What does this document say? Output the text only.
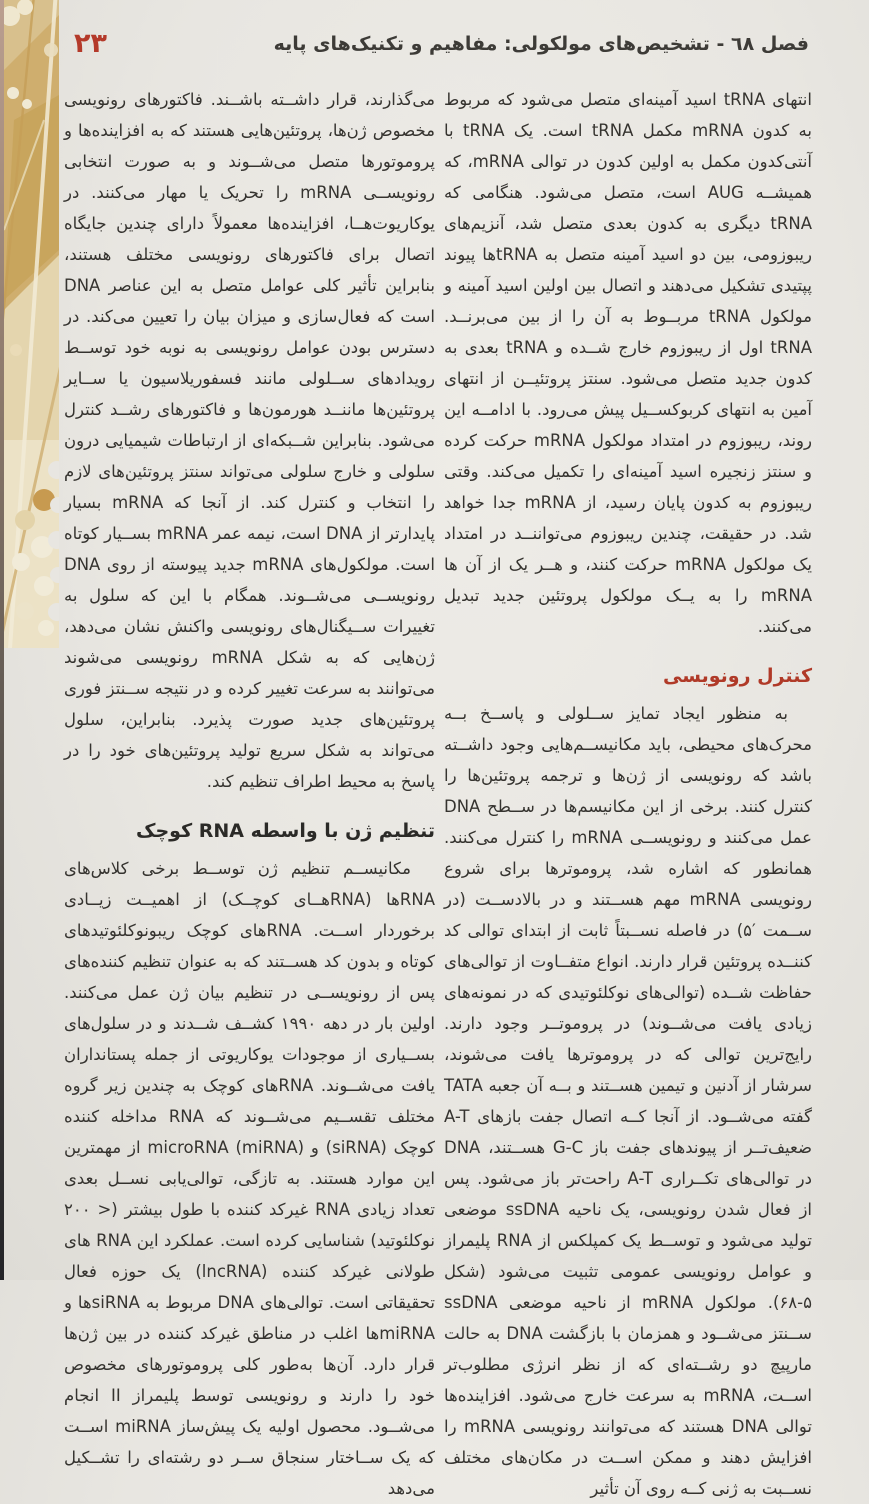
۲۳	فصل ٦٨ - تشخیص‌های مولکولی: مفاهیم و تکنیک‌های پایه

انتهای tRNA اسید آمینه‌ای متصل می‌شود که مربوط به کدون mRNA مکمل tRNA است. یک tRNA با آنتی‌کدون مکمل به اولین کدون در توالی mRNA، که همیشــه AUG است، متصل می‌شود. هنگامی که tRNA دیگری به کدون بعدی متصل شد، آنزیم‌های ریبوزومی، بین دو اسید آمینه متصل به tRNAها پیوند پپتیدی تشکیل می‌دهند و اتصال بین اولین اسید آمینه و مولکول tRNA مربــوط به آن را از بین می‌برنــد. tRNA اول از ریبوزوم خارج شــده و tRNA بعدی به کدون جدید متصل می‌شود. سنتز پروتئیــن از انتهای آمین به انتهای کربوکســیل پیش می‌رود. با ادامــه این روند، ریبوزوم در امتداد مولکول mRNA حرکت کرده و سنتز زنجیره اسید آمینه‌ای را تکمیل می‌کند. وقتی ریبوزوم به کدون پایان رسید، از mRNA جدا خواهد شد. در حقیقت، چندین ریبوزوم می‌تواننــد در امتداد یک مولکول mRNA حرکت کنند، و هــر یک از آن ها mRNA را به یــک مولکول پروتئین جدید تبدیل می‌کنند.

کنترل رونویسی

به منظور ایجاد تمایز ســلولی و پاســخ بــه محرک‌های محیطی، باید مکانیســم‌هایی وجود داشــته باشد که رونویسی از ژن‌ها و ترجمه پروتئین‌ها را کنترل کنند. برخی از این مکانیسم‌ها در ســطح DNA عمل می‌کنند و رونویســی mRNA را کنترل می‌کنند. همانطور که اشاره شد، پروموترها برای شروع رونویسی mRNA مهم هســتند و در بالادســت (در ســمت ′۵) در فاصله نســبتاً ثابت از ابتدای توالی کد کننــده پروتئین قرار دارند. انواع متفــاوت از توالی‌های حفاظت شــده (توالی‌های نوکلئوتیدی که در نمونه‌های زیادی یافت می‌شــوند) در پروموتــر وجود دارند. رایج‌ترین توالی که در پروموترها یافت می‌شوند، سرشار از آدنین و تیمین هســتند و بــه آن جعبه TATA گفته می‌شــود. از آنجا کــه اتصال جفت بازهای A-T ضعیف‌تــر از پیوندهای جفت باز G-C هســتند، DNA در توالی‌های تکــراری A-T راحت‌تر باز می‌شود. پس از فعال شدن رونویسی، یک ناحیه ssDNA موضعی تولید می‌شود و توســط یک کمپلکس از RNA پلیمراز و عوامل رونویسی عمومی تثبیت می‌شود (شکل ۵-۶۸). مولکول mRNA از ناحیه موضعی ssDNA ســنتز می‌شــود و همزمان با بازگشت DNA به حالت مارپیچ دو رشــته‌ای که از نظر انرژی مطلوب‌تر اســت، mRNA به سرعت خارج می‌شود. افزاینده‌ها توالی DNA هستند که می‌توانند رونویسی mRNA را افزایش دهند و ممکن اســت در مکان‌های مختلف نســبت به ژنی کــه روی آن تأثیر

می‌گذارند، قرار داشــته باشــند. فاکتورهای رونویسی مخصوص ژن‌ها، پروتئین‌هایی هستند که به افزاینده‌ها و پروموتورها متصل می‌شــوند و به صورت انتخابی رونویســی mRNA را تحریک یا مهار می‌کنند. در یوکاریوت‌هــا، افزاینده‌ها معمولاً دارای چندین جایگاه اتصال برای فاکتورهای رونویسی مختلف هستند، بنابراین تأثیر کلی عوامل متصل به این عناصر DNA است که فعال‌سازی و میزان بیان را تعیین می‌کند. در دسترس بودن عوامل رونویسی به نوبه خود توســط رویدادهای ســلولی مانند فسفوریلاسیون یا ســایر پروتئین‌ها ماننــد هورمون‌ها و فاکتورهای رشــد کنترل می‌شود. بنابراین شــبکه‌ای از ارتباطات شیمیایی درون سلولی و خارج سلولی می‌تواند سنتز پروتئین‌های لازم را انتخاب و کنترل کند. از آنجا که mRNA بسیار پایدارتر از DNA است، نیمه عمر mRNA بســیار کوتاه است. مولکول‌های mRNA جدید پیوسته از روی DNA رونویســی می‌شــوند. همگام با این که سلول به تغییرات ســیگنال‌های رونویسی واکنش نشان می‌دهد، ژن‌هایی که به شکل mRNA رونویسی می‌شوند می‌توانند به سرعت تغییر کرده و در نتیجه ســنتز فوری پروتئین‌های جدید صورت پذیرد. بنابراین، سلول می‌تواند به شکل سریع تولید پروتئین‌های خود را در پاسخ به محیط اطراف تنظیم کند.

تنظیم ژن با واسطه RNA کوچک

مکانیســم تنظیم ژن توســط برخی کلاس‌های RNAها (RNAهــای کوچــک) از اهمیــت زیــادی برخوردار اســت. RNAهای کوچک ریبونوکلئوتیدهای کوتاه و بدون کد هســتند که به عنوان تنظیم کننده‌های پس از رونویســی در تنظیم بیان ژن عمل می‌کنند. اولین بار در دهه ۱۹۹۰ کشــف شــدند و در سلول‌های بســیاری از موجودات یوکاریوتی از جمله پستانداران یافت می‌شــوند. RNAهای کوچک به چندین زیر گروه مختلف تقســیم می‌شــوند که RNA مداخله کننده کوچک (siRNA) و microRNA (miRNA) از مهمترین این موارد هستند. به تازگی، توالی‌یابی نســل بعدی تعداد زیادی RNA غیرکد کننده با طول بیشتر (< ۲۰۰ نوکلئوتید) شناسایی کرده است. عملکرد این RNA های طولانی غیرکد کننده (lncRNA) یک حوزه فعال تحقیقاتی است. توالی‌های DNA مربوط به siRNAها و miRNAها اغلب در مناطق غیرکد کننده در بین ژن‌ها قرار دارد. آن‌ها به‌طور کلی پروموتورهای مخصوص خود را دارند و رونویسی توسط پلیمراز II انجام می‌شــود. محصول اولیه یک پیش‌ساز miRNA اســت که یک ســاختار سنجاق ســر دو رشته‌ای را تشــکیل می‌دهد
